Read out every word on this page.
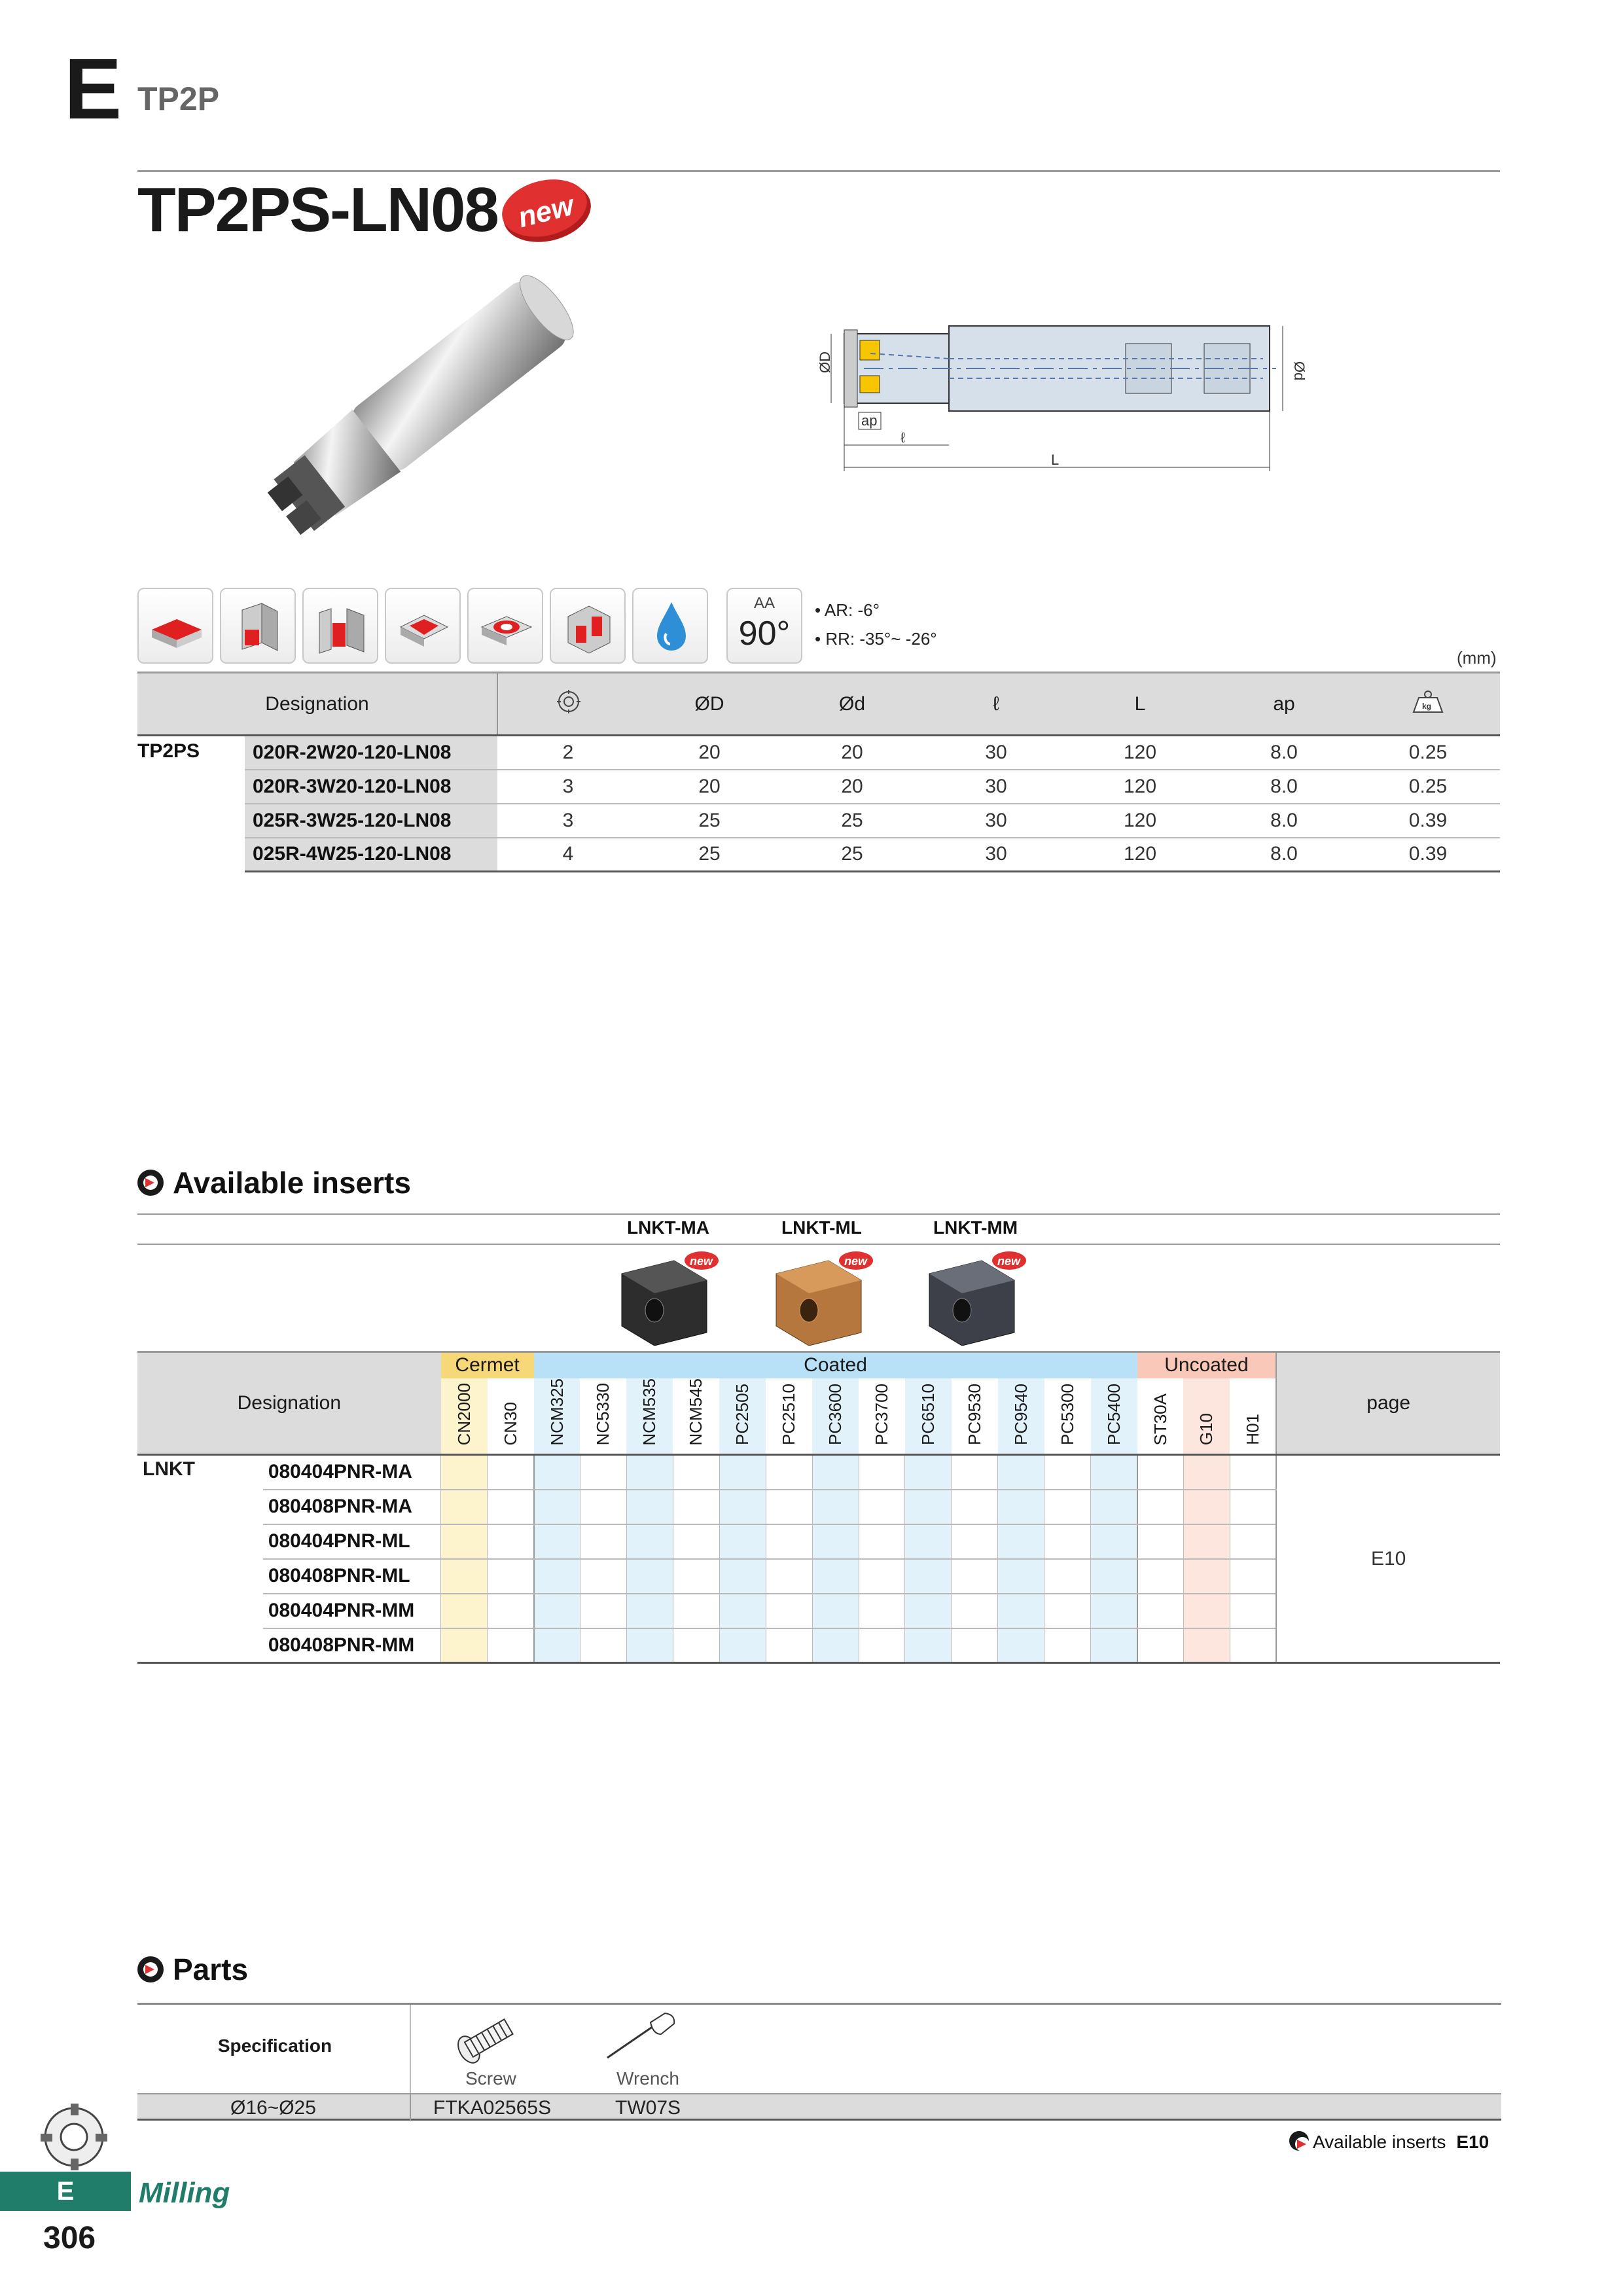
E TP2P
TP2PS-LN08 new
ØD	Ød
ap
ℓ
L
AA
90°
• AR: -6°
• RR: -35°~ -26°
(mm)
Designation			ØD	Ød	ℓ	L	ap	kg

TP2PS	020R-2W20-120-LN08	2	20	20	30	120	8.0	0.25
	020R-3W20-120-LN08	3	20	20	30	120	8.0	0.25
	025R-3W25-120-LN08	3	25	25	30	120	8.0	0.39
	025R-4W25-120-LN08	4	25	25	30	120	8.0	0.39
Available inserts
LNKT-MA	LNKT-ML	LNKT-MM
new	new	new
Designation		Cermet		Coated													Uncoated			page
		CN2000	CN30	NCM325	NC5330	NCM535	NCM545	PC2505	PC2510	PC3600	PC3700	PC6510	PC9530	PC9540	PC5300	PC5400	ST30A	G10	H01	
LNKT	080404PNR-MA																			E10
	080408PNR-MA																			
	080404PNR-ML																			
	080408PNR-ML																			
	080404PNR-MM																			
	080408PNR-MM																			
Parts
Specification
Screw	Wrench
Ø16~Ø25	FTKA02565S	TW07S
Available inserts E10
E	Milling
306
